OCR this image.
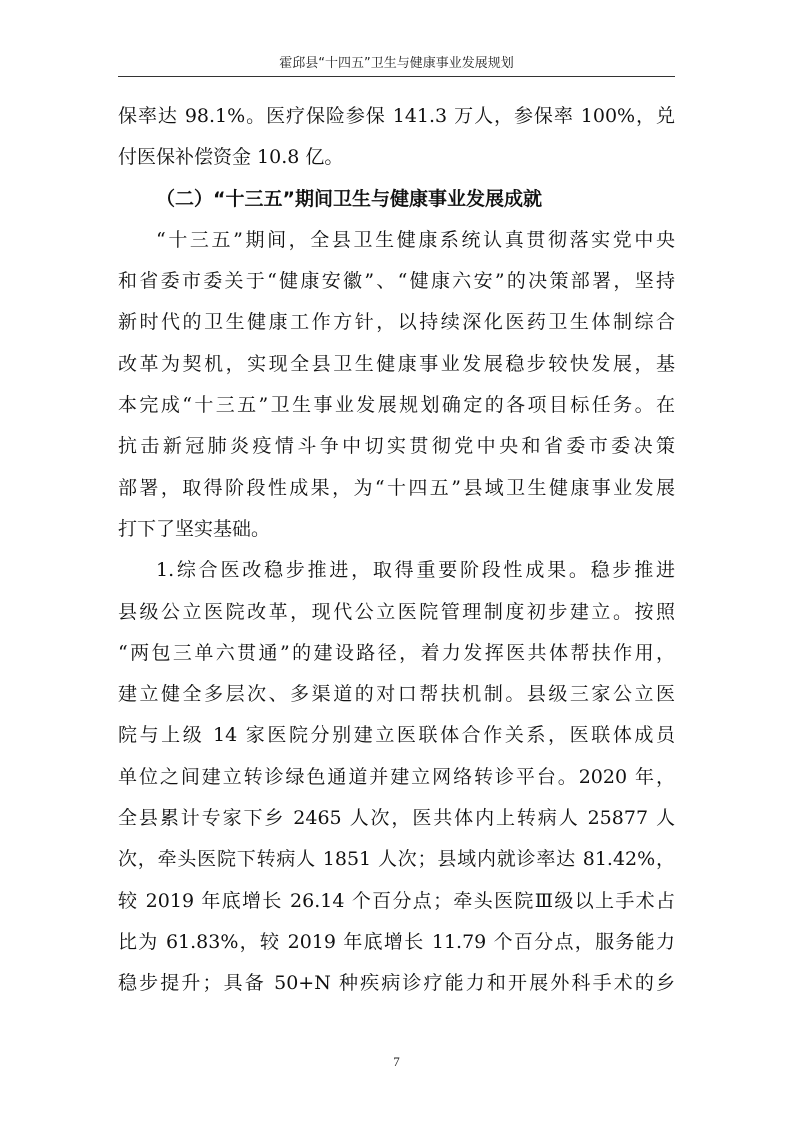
霍邱县“十四五”卫生与健康事业发展规划
保率达 98.1%。医疗保险参保 141.3 万人，参保率 100%，兑
付医保补偿资金 10.8 亿。
（二）“十三五”期间卫生与健康事业发展成就
“十三五”期间，全县卫生健康系统认真贯彻落实党中央
和省委市委关于“健康安徽”、“健康六安”的决策部署，坚持
新时代的卫生健康工作方针，以持续深化医药卫生体制综合
改革为契机，实现全县卫生健康事业发展稳步较快发展，基
本完成“十三五”卫生事业发展规划确定的各项目标任务。在
抗击新冠肺炎疫情斗争中切实贯彻党中央和省委市委决策
部署，取得阶段性成果，为“十四五”县域卫生健康事业发展
打下了坚实基础。
1.综合医改稳步推进，取得重要阶段性成果。稳步推进
县级公立医院改革，现代公立医院管理制度初步建立。按照
“两包三单六贯通”的建设路径，着力发挥医共体帮扶作用，
建立健全多层次、多渠道的对口帮扶机制。县级三家公立医
院与上级 14 家医院分别建立医联体合作关系，医联体成员
单位之间建立转诊绿色通道并建立网络转诊平台。2020 年，
全县累计专家下乡 2465 人次，医共体内上转病人 25877 人
次，牵头医院下转病人 1851 人次；县域内就诊率达 81.42%，
较 2019 年底增长 26.14 个百分点；牵头医院Ⅲ级以上手术占
比为 61.83%，较 2019 年底增长 11.79 个百分点，服务能力
稳步提升；具备 50+N 种疾病诊疗能力和开展外科手术的乡
7
